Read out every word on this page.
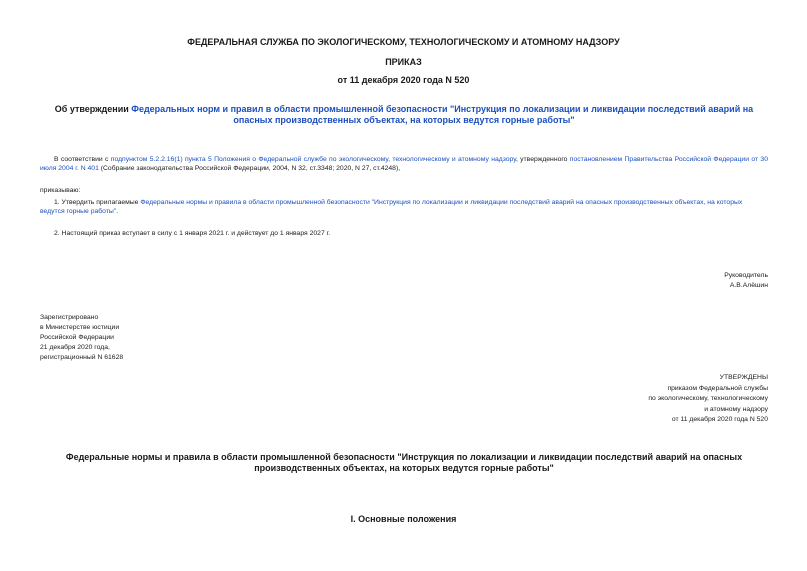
ФЕДЕРАЛЬНАЯ СЛУЖБА ПО ЭКОЛОГИЧЕСКОМУ, ТЕХНОЛОГИЧЕСКОМУ И АТОМНОМУ НАДЗОРУ
ПРИКАЗ
от 11 декабря 2020 года N 520
Об утверждении Федеральных норм и правил в области промышленной безопасности "Инструкция по локализации и ликвидации последствий аварий на опасных производственных объектах, на которых ведутся горные работы"
В соответствии с подпунктом 5.2.2.16(1) пункта 5 Положения о Федеральной службе по экологическому, технологическому и атомному надзору, утвержденного постановлением Правительства Российской Федерации от 30 июля 2004 г. N 401 (Собрание законодательства Российской Федерации, 2004, N 32, ст.3348; 2020, N 27, ст.4248),
приказываю:
1. Утвердить прилагаемые Федеральные нормы и правила в области промышленной безопасности "Инструкция по локализации и ликвидации последствий аварий на опасных производственных объектах, на которых ведутся горные работы".
2. Настоящий приказ вступает в силу с 1 января 2021 г. и действует до 1 января 2027 г.
Руководитель
А.В.Алёшин
Зарегистрировано
в Министерстве юстиции
Российской Федерации
21 декабря 2020 года,
регистрационный N 61628
УТВЕРЖДЕНЫ
приказом Федеральной службы
по экологическому, технологическому
и атомному надзору
от 11 декабря 2020 года N 520
Федеральные нормы и правила в области промышленной безопасности "Инструкция по локализации и ликвидации последствий аварий на опасных производственных объектах, на которых ведутся горные работы"
I. Основные положения
